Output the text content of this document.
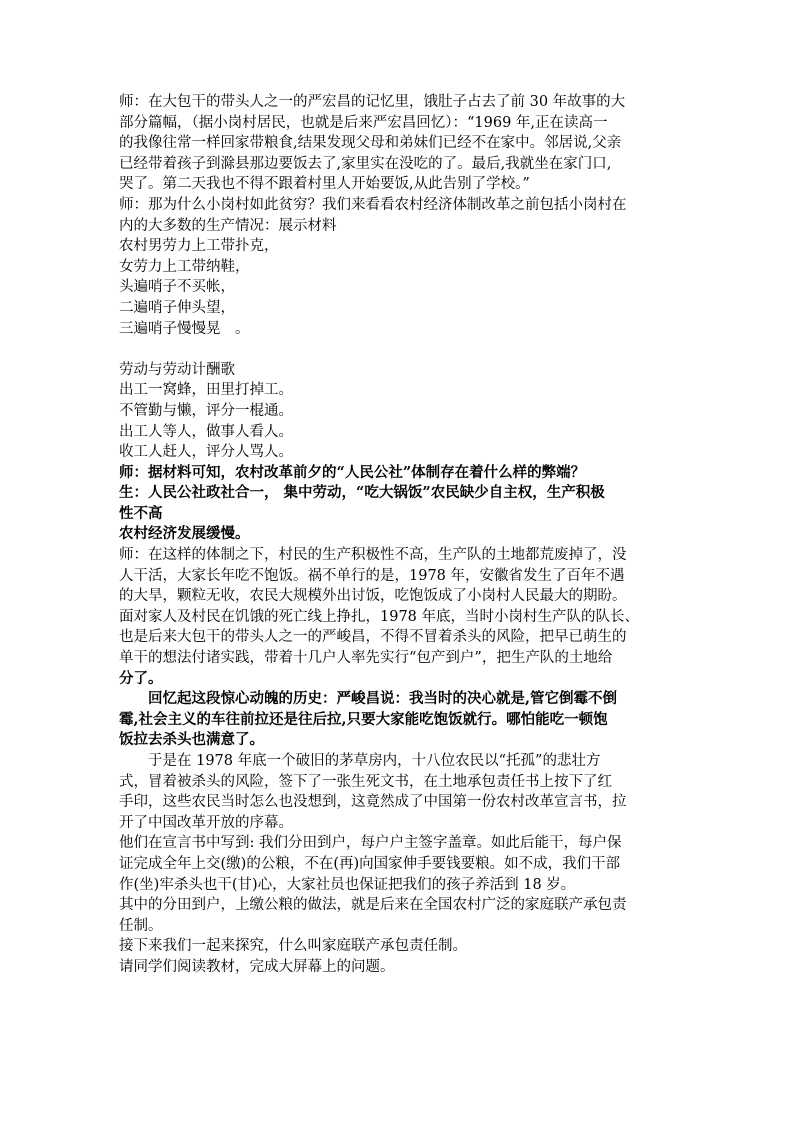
师：在大包干的带头人之一的严宏昌的记忆里，饿肚子占去了前 30 年故事的大
部分篇幅，（据小岗村居民，也就是后来严宏昌回忆）：“1969 年,正在读高一
的我像往常一样回家带粮食,结果发现父母和弟妹们已经不在家中。邻居说,父亲
已经带着孩子到滁县那边要饭去了,家里实在没吃的了。最后,我就坐在家门口,
哭了。第二天我也不得不跟着村里人开始要饭,从此告别了学校。”
师：那为什么小岗村如此贫穷？我们来看看农村经济体制改革之前包括小岗村在
内的大多数的生产情况：展示材料
农村男劳力上工带扑克，
女劳力上工带纳鞋，
头遍哨子不买帐，
二遍哨子伸头望，
三遍哨子慢慢晃　。
劳动与劳动计酬歌
出工一窝蜂，田里打掉工。
不管勤与懒，评分一棍通。
出工人等人，做事人看人。
收工人赶人，评分人骂人。
师：据材料可知，农村改革前夕的“人民公社”体制存在着什么样的弊端？
生：人民公社政社合一， 集中劳动，“吃大锅饭”农民缺少自主权，生产积极
性不高
农村经济发展缓慢。
师：在这样的体制之下，村民的生产积极性不高，生产队的土地都荒废掉了，没
人干活，大家长年吃不饱饭。祸不单行的是，1978 年，安徽省发生了百年不遇
的大旱，颗粒无收，农民大规模外出讨饭，吃饱饭成了小岗村人民最大的期盼。
面对家人及村民在饥饿的死亡线上挣扎，1978 年底，当时小岗村生产队的队长、
也是后来大包干的带头人之一的严峻昌，不得不冒着杀头的风险，把早已萌生的
单干的想法付诸实践，带着十几户人率先实行“包产到户”，把生产队的土地给
分了。
回忆起这段惊心动魄的历史：严峻昌说：我当时的决心就是,管它倒霉不倒
霉,社会主义的车往前拉还是往后拉,只要大家能吃饱饭就行。哪怕能吃一顿饱
饭拉去杀头也满意了。
于是在 1978 年底一个破旧的茅草房内，十八位农民以“托孤”的悲壮方
式，冒着被杀头的风险，签下了一张生死文书，在土地承包责任书上按下了红
手印，这些农民当时怎么也没想到，这竟然成了中国第一份农村改革宣言书，拉
开了中国改革开放的序幕。
他们在宣言书中写到: 我们分田到户，每户户主签字盖章。如此后能干，每户保
证完成全年上交(缴)的公粮，不在(再)向国家伸手要钱要粮。如不成，我们干部
作(坐)牢杀头也干(甘)心，大家社员也保证把我们的孩子养活到 18 岁。
其中的分田到户，上缴公粮的做法，就是后来在全国农村广泛的家庭联产承包责
任制。
接下来我们一起来探究，什么叫家庭联产承包责任制。
请同学们阅读教材，完成大屏幕上的问题。
